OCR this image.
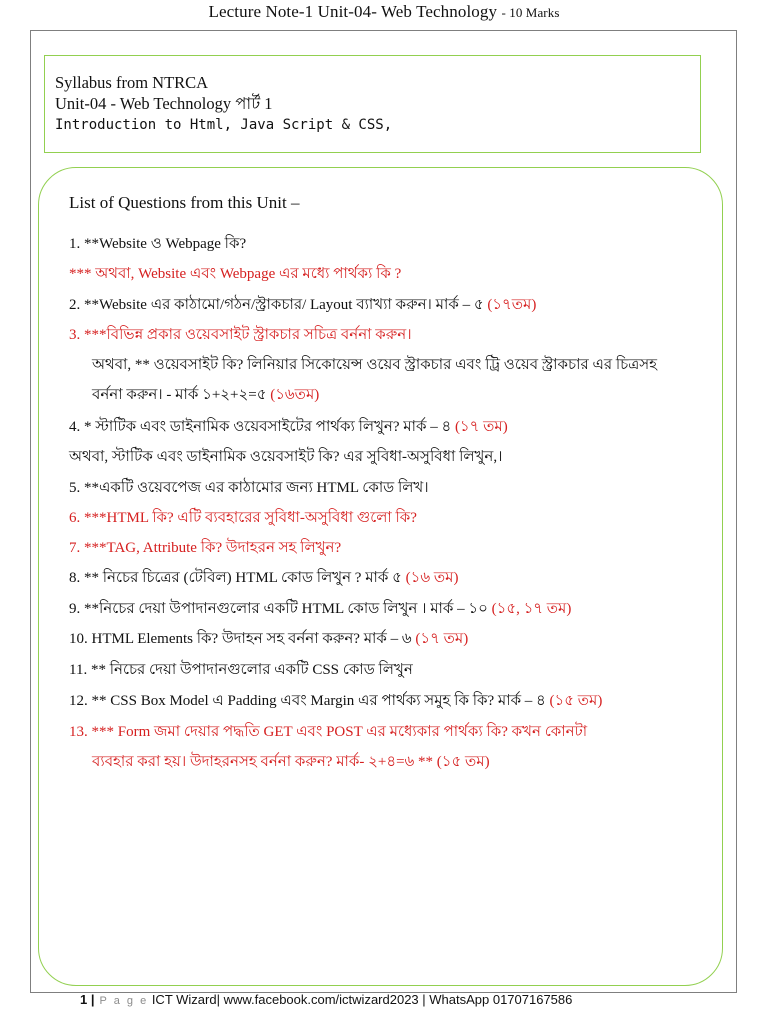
Lecture Note-1 Unit-04- Web Technology - 10 Marks
Syllabus from NTRCA
Unit-04 - Web Technology পার্ট 1
Introduction to Html, Java Script & CSS,
List of Questions from this Unit –
1. **Website ও Webpage কি?
*** অথবা, Website এবং Webpage এর মধ্যে পার্থক্য কি ?
2. **Website এর কাঠামো/গঠন/স্ট্রাকচার/ Layout ব্যাখ্যা করুন। মার্ক – ৫ (১৭তম)
3. ***বিভিন্ন প্রকার ওয়েবসাইট স্ট্রাকচার সচিত্র বর্ননা করুন।
অথবা, ** ওয়েবসাইট কি? লিনিয়ার সিকোয়েন্স ওয়েব স্ট্রাকচার এবং ট্রি ওয়েব স্ট্রাকচার এর চিত্রসহ
বর্ননা করুন। - মার্ক ১+২+২=৫ (১৬তম)
4. * স্টাটিক এবং ডাইনামিক ওয়েবসাইটের পার্থক্য লিখুন? মার্ক – ৪ (১৭ তম)
অথবা, স্টাটিক এবং ডাইনামিক ওয়েবসাইট কি? এর সুবিধা-অসুবিধা লিখুন,।
5. **একটি ওয়েবপেজ এর কাঠামোর জন্য HTML কোড লিখ।
6. ***HTML কি? এটি ব্যবহারের সুবিধা-অসুবিধা গুলো কি?
7. ***TAG, Attribute কি? উদাহরন সহ লিখুন?
8. ** নিচের চিত্রের (টেবিল) HTML কোড লিখুন ? মার্ক ৫ (১৬ তম)
9. **নিচের দেয়া উপাদানগুলোর একটি HTML কোড লিখুন । মার্ক – ১০ (১৫, ১৭ তম)
10. HTML Elements কি? উদাহন সহ বর্ননা করুন? মার্ক – ৬ (১৭ তম)
11. ** নিচের দেয়া উপাদানগুলোর একটি CSS কোড লিখুন
12. ** CSS Box Model এ Padding এবং Margin এর পার্থক্য সমুহ কি কি? মার্ক – ৪ (১৫ তম)
13. *** Form জমা দেয়ার পদ্ধতি GET এবং POST এর মধ্যেকার পার্থক্য কি? কখন কোনটা
ব্যবহার করা হয়। উদাহরনসহ বর্ননা করুন? মার্ক- ২+৪=৬ ** (১৫ তম)
1 | P a g e ICT Wizard| www.facebook.com/ictwizard2023 | WhatsApp 01707167586
